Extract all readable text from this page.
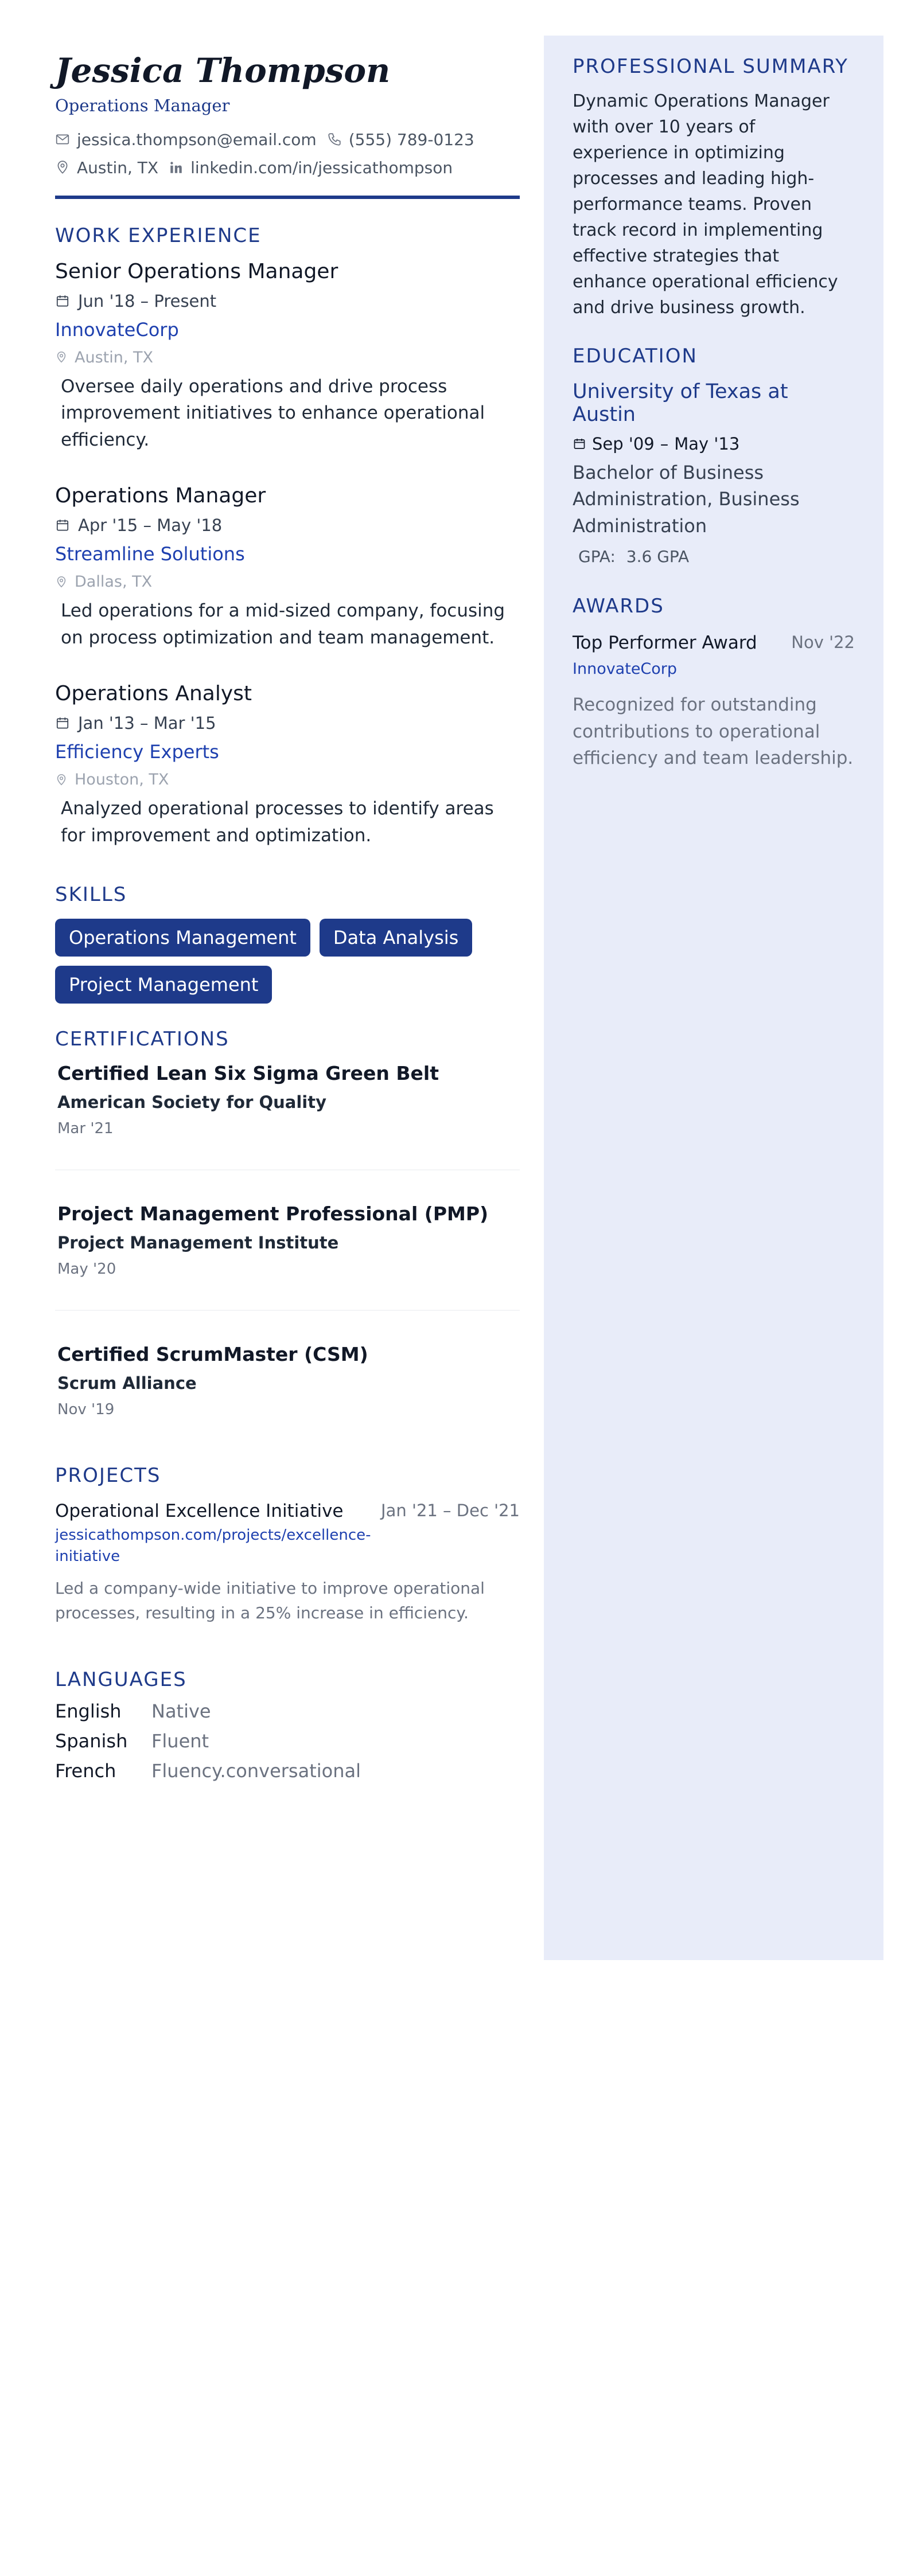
Jessica Thompson
Operations Manager
jessica.thompson@email.com (555) 789-0123
Austin, TX linkedin.com/in/jessicathompson
WORK EXPERIENCE
Senior Operations Manager
Jun '18 – Present
InnovateCorp
Austin, TX
Oversee daily operations and drive process improvement initiatives to enhance operational efficiency.
Operations Manager
Apr '15 – May '18
Streamline Solutions
Dallas, TX
Led operations for a mid-sized company, focusing on process optimization and team management.
Operations Analyst
Jan '13 – Mar '15
Efficiency Experts
Houston, TX
Analyzed operational processes to identify areas for improvement and optimization.
SKILLS
Operations Management	Data Analysis
Project Management
CERTIFICATIONS
Certified Lean Six Sigma Green Belt
American Society for Quality
Mar '21
Project Management Professional (PMP)
Project Management Institute
May '20
Certified ScrumMaster (CSM)
Scrum Alliance
Nov '19
PROJECTS
Operational Excellence Initiative Jan '21 – Dec '21
jessicathompson.com/projects/excellence-initiative
Led a company-wide initiative to improve operational processes, resulting in a 25% increase in efficiency.
LANGUAGES
English	Native
Spanish	Fluent
French	Fluency.conversational
PROFESSIONAL SUMMARY
Dynamic Operations Manager with over 10 years of experience in optimizing processes and leading high-performance teams. Proven track record in implementing effective strategies that enhance operational efficiency and drive business growth.
EDUCATION
University of Texas at Austin
Sep '09 – May '13
Bachelor of Business Administration, Business Administration
GPA: 3.6 GPA
AWARDS
Top Performer Award Nov '22
InnovateCorp
Recognized for outstanding contributions to operational efficiency and team leadership.
